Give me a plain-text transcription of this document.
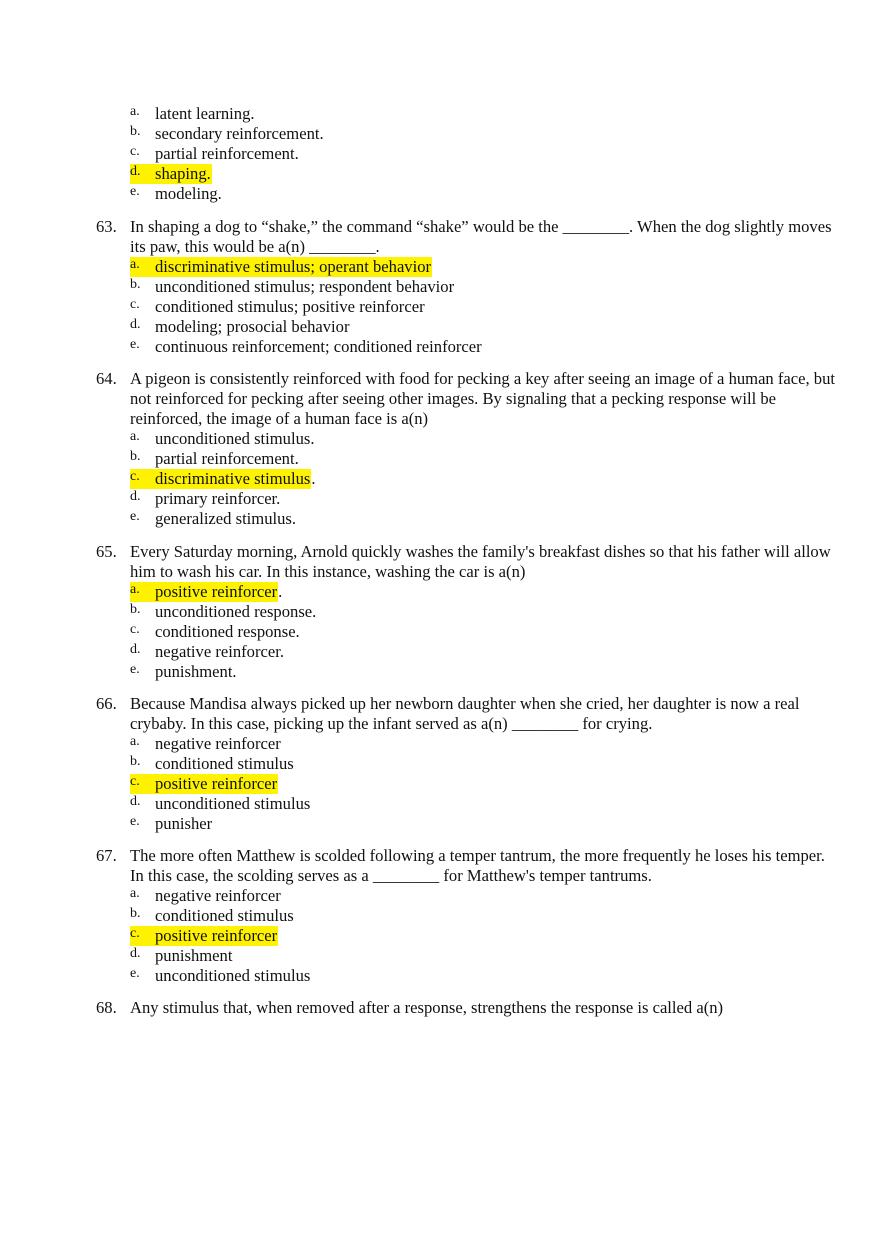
a. latent learning.
b. secondary reinforcement.
c. partial reinforcement.
d. shaping.
e. modeling.
63. In shaping a dog to “shake,” the command “shake” would be the ________. When the dog slightly moves its paw, this would be a(n) ________.
a. discriminative stimulus; operant behavior
b. unconditioned stimulus; respondent behavior
c. conditioned stimulus; positive reinforcer
d. modeling; prosocial behavior
e. continuous reinforcement; conditioned reinforcer
64. A pigeon is consistently reinforced with food for pecking a key after seeing an image of a human face, but not reinforced for pecking after seeing other images. By signaling that a pecking response will be reinforced, the image of a human face is a(n)
a. unconditioned stimulus.
b. partial reinforcement.
c. discriminative stimulus .
d. primary reinforcer.
e. generalized stimulus.
65. Every Saturday morning, Arnold quickly washes the family's breakfast dishes so that his father will allow him to wash his car. In this instance, washing the car is a(n)
a. positive reinforcer .
b. unconditioned response.
c. conditioned response.
d. negative reinforcer.
e. punishment.
66. Because Mandisa always picked up her newborn daughter when she cried, her daughter is now a real crybaby. In this case, picking up the infant served as a(n) ________ for crying.
a. negative reinforcer
b. conditioned stimulus
c. positive reinforcer
d. unconditioned stimulus
e. punisher
67. The more often Matthew is scolded following a temper tantrum, the more frequently he loses his temper. In this case, the scolding serves as a ________ for Matthew's temper tantrums.
a. negative reinforcer
b. conditioned stimulus
c. positive reinforcer
d. punishment
e. unconditioned stimulus
68. Any stimulus that, when removed after a response, strengthens the response is called a(n)
